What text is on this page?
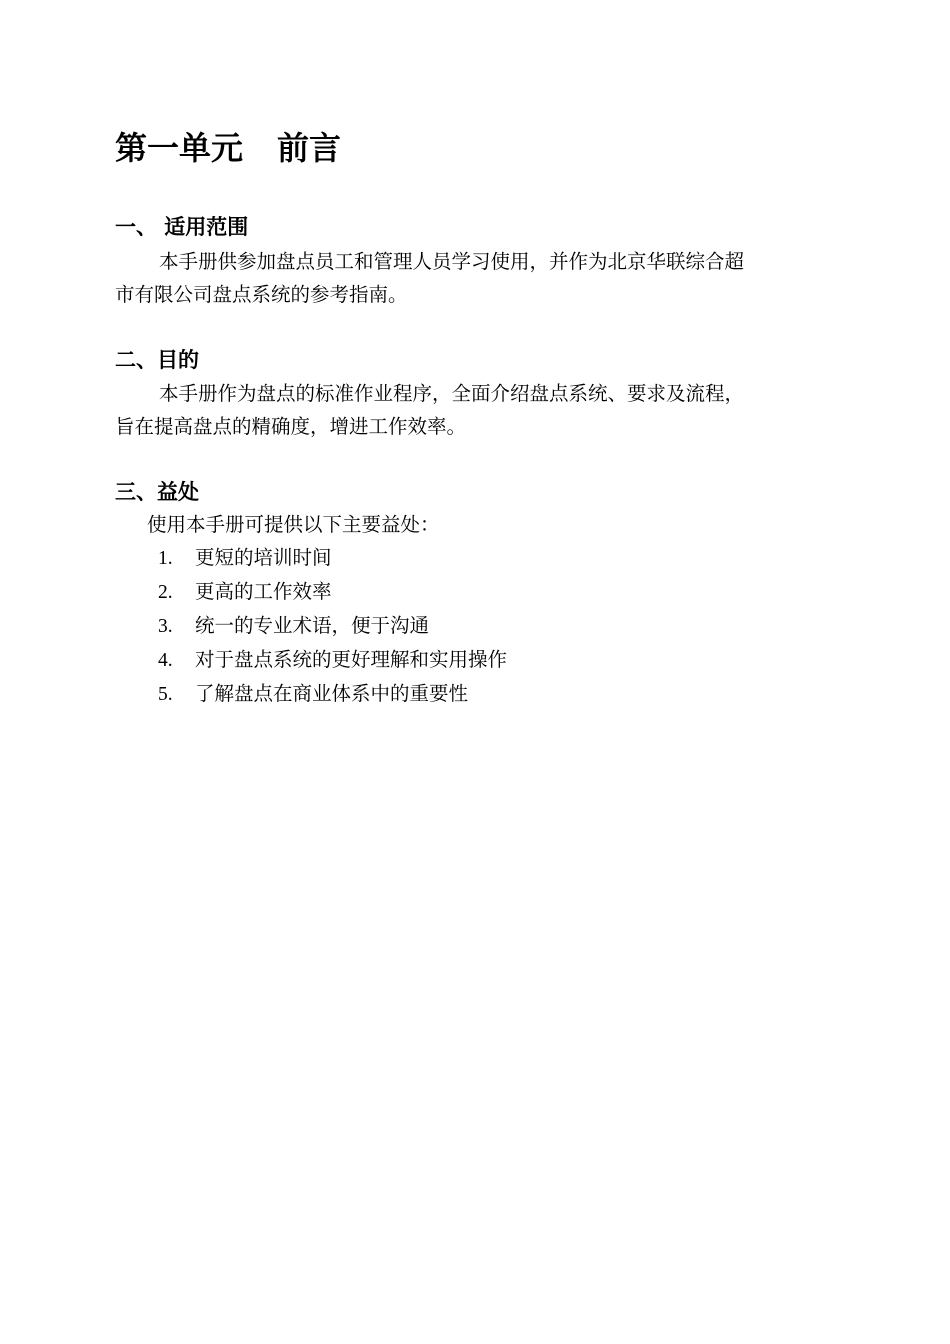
第一单元 前言
一、 适用范围

本手册供参加盘点员工和管理人员学习使用，并作为北京华联综合超
市有限公司盘点系统的参考指南。

二、目的

本手册作为盘点的标准作业程序，全面介绍盘点系统、要求及流程，
旨在提高盘点的精确度，增进工作效率。

三、益处

使用本手册可提供以下主要益处：

1. 更短的培训时间
2. 更高的工作效率
3. 统一的专业术语，便于沟通
4. 对于盘点系统的更好理解和实用操作
5. 了解盘点在商业体系中的重要性
